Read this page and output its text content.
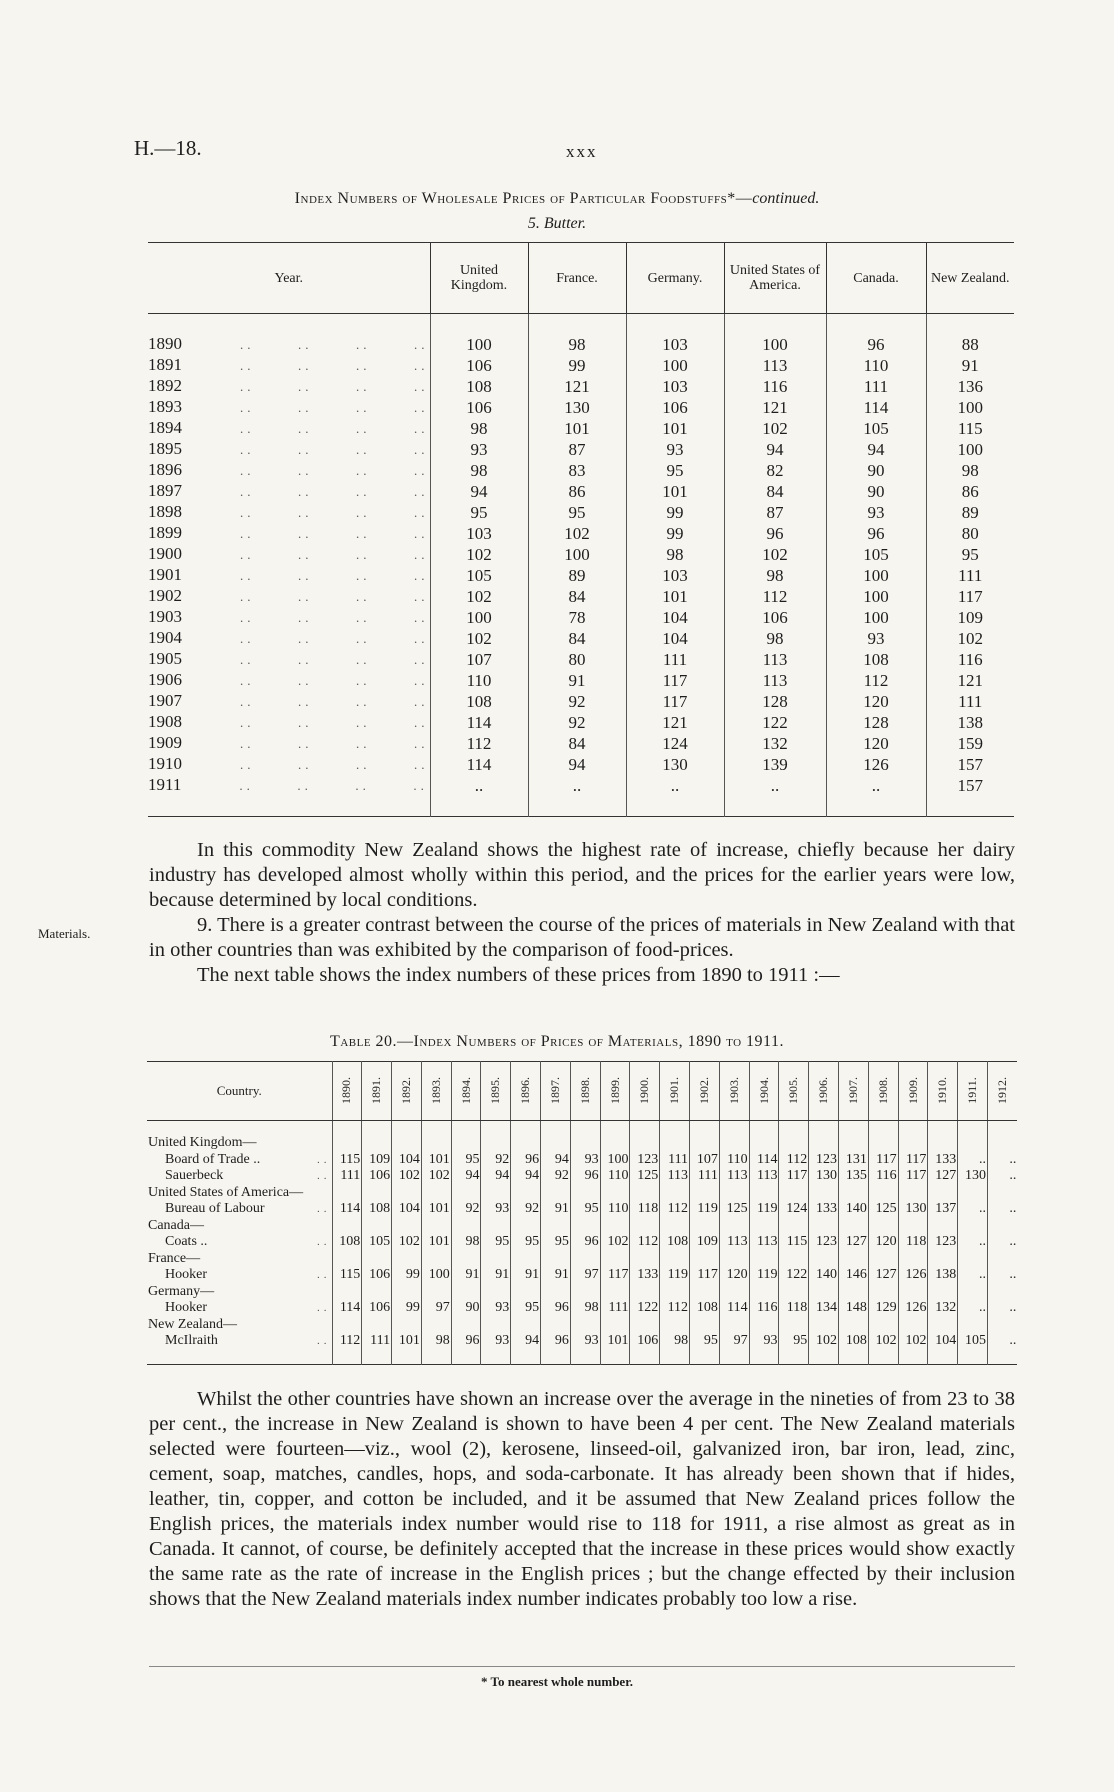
H.—18.	xxx
Index Numbers of Wholesale Prices of Particular Foodstuffs*—continued.
5. Butter.
Year.	United Kingdom.	France.	Germany.	United States of America.	Canada.	New Zealand.
1890        ..      ..      ..      ..	100	98	103	100	96	88
1891        ..      ..      ..      ..	106	99	100	113	110	91
1892        ..      ..      ..      ..	108	121	103	116	111	136
1893        ..      ..      ..      ..	106	130	106	121	114	100
1894        ..      ..      ..      ..	98	101	101	102	105	115
1895        ..      ..      ..      ..	93	87	93	94	94	100
1896        ..      ..      ..      ..	98	83	95	82	90	98
1897        ..      ..      ..      ..	94	86	101	84	90	86
1898        ..      ..      ..      ..	95	95	99	87	93	89
1899        ..      ..      ..      ..	103	102	99	96	96	80
1900        ..      ..      ..      ..	102	100	98	102	105	95
1901        ..      ..      ..      ..	105	89	103	98	100	111
1902        ..      ..      ..      ..	102	84	101	112	100	117
1903        ..      ..      ..      ..	100	78	104	106	100	109
1904        ..      ..      ..      ..	102	84	104	98	93	102
1905        ..      ..      ..      ..	107	80	111	113	108	116
1906        ..      ..      ..      ..	110	91	117	113	112	121
1907        ..      ..      ..      ..	108	92	117	128	120	111
1908        ..      ..      ..      ..	114	92	121	122	128	138
1909        ..      ..      ..      ..	112	84	124	132	120	159
1910        ..      ..      ..      ..	114	94	130	139	126	157
1911        ..      ..      ..      ..	..	..	..	..	..	157

In this commodity New Zealand shows the highest rate of increase, chiefly because her dairy industry has developed almost wholly within this period, and the prices for the earlier years were low, because determined by local conditions.

Materials.	9. There is a greater contrast between the course of the prices of materials in New Zealand with that in other countries than was exhibited by the comparison of food-prices.

The next table shows the index numbers of these prices from 1890 to 1911 :—

Table 20.—Index Numbers of Prices of Materials, 1890 to 1911.
Country.	1890.	1891.	1892.	1893.	1894.	1895.	1896.	1897.	1898.	1899.	1900.	1901.	1902.	1903.	1904.	1905.	1906.	1907.	1908.	1909.	1910.	1911.	1912.
United Kingdom—																							
Board of Trade .. ..	115	109	104	101	95	92	96	94	93	100	123	111	107	110	114	112	123	131	117	117	133	..	..
Sauerbeck ..	111	106	102	102	94	94	94	92	96	110	125	113	111	113	113	117	130	135	116	117	127	130	..
United States of America—																							
Bureau of Labour ..	114	108	104	101	92	93	92	91	95	110	118	112	119	125	119	124	133	140	125	130	137	..	..
Canada—																							
Coats .. ..	108	105	102	101	98	95	95	95	96	102	112	108	109	113	113	115	123	127	120	118	123	..	..
France—																							
Hooker ..	115	106	99	100	91	91	91	91	97	117	133	119	117	120	119	122	140	146	127	126	138	..	..
Germany—																							
Hooker ..	114	106	99	97	90	93	95	96	98	111	122	112	108	114	116	118	134	148	129	126	132	..	..
New Zealand—																							
McIlraith ..	112	111	101	98	96	93	94	96	93	101	106	98	95	97	93	95	102	108	102	102	104	105	..

Whilst the other countries have shown an increase over the average in the nineties of from 23 to 38 per cent., the increase in New Zealand is shown to have been 4 per cent. The New Zealand materials selected were fourteen—viz., wool (2), kerosene, linseed-oil, galvanized iron, bar iron, lead, zinc, cement, soap, matches, candles, hops, and soda-carbonate. It has already been shown that if hides, leather, tin, copper, and cotton be included, and it be assumed that New Zealand prices follow the English prices, the materials index number would rise to 118 for 1911, a rise almost as great as in Canada. It cannot, of course, be definitely accepted that the increase in these prices would show exactly the same rate as the rate of increase in the English prices ; but the change effected by their inclusion shows that the New Zealand materials index number indicates probably too low a rise.

* To nearest whole number.
